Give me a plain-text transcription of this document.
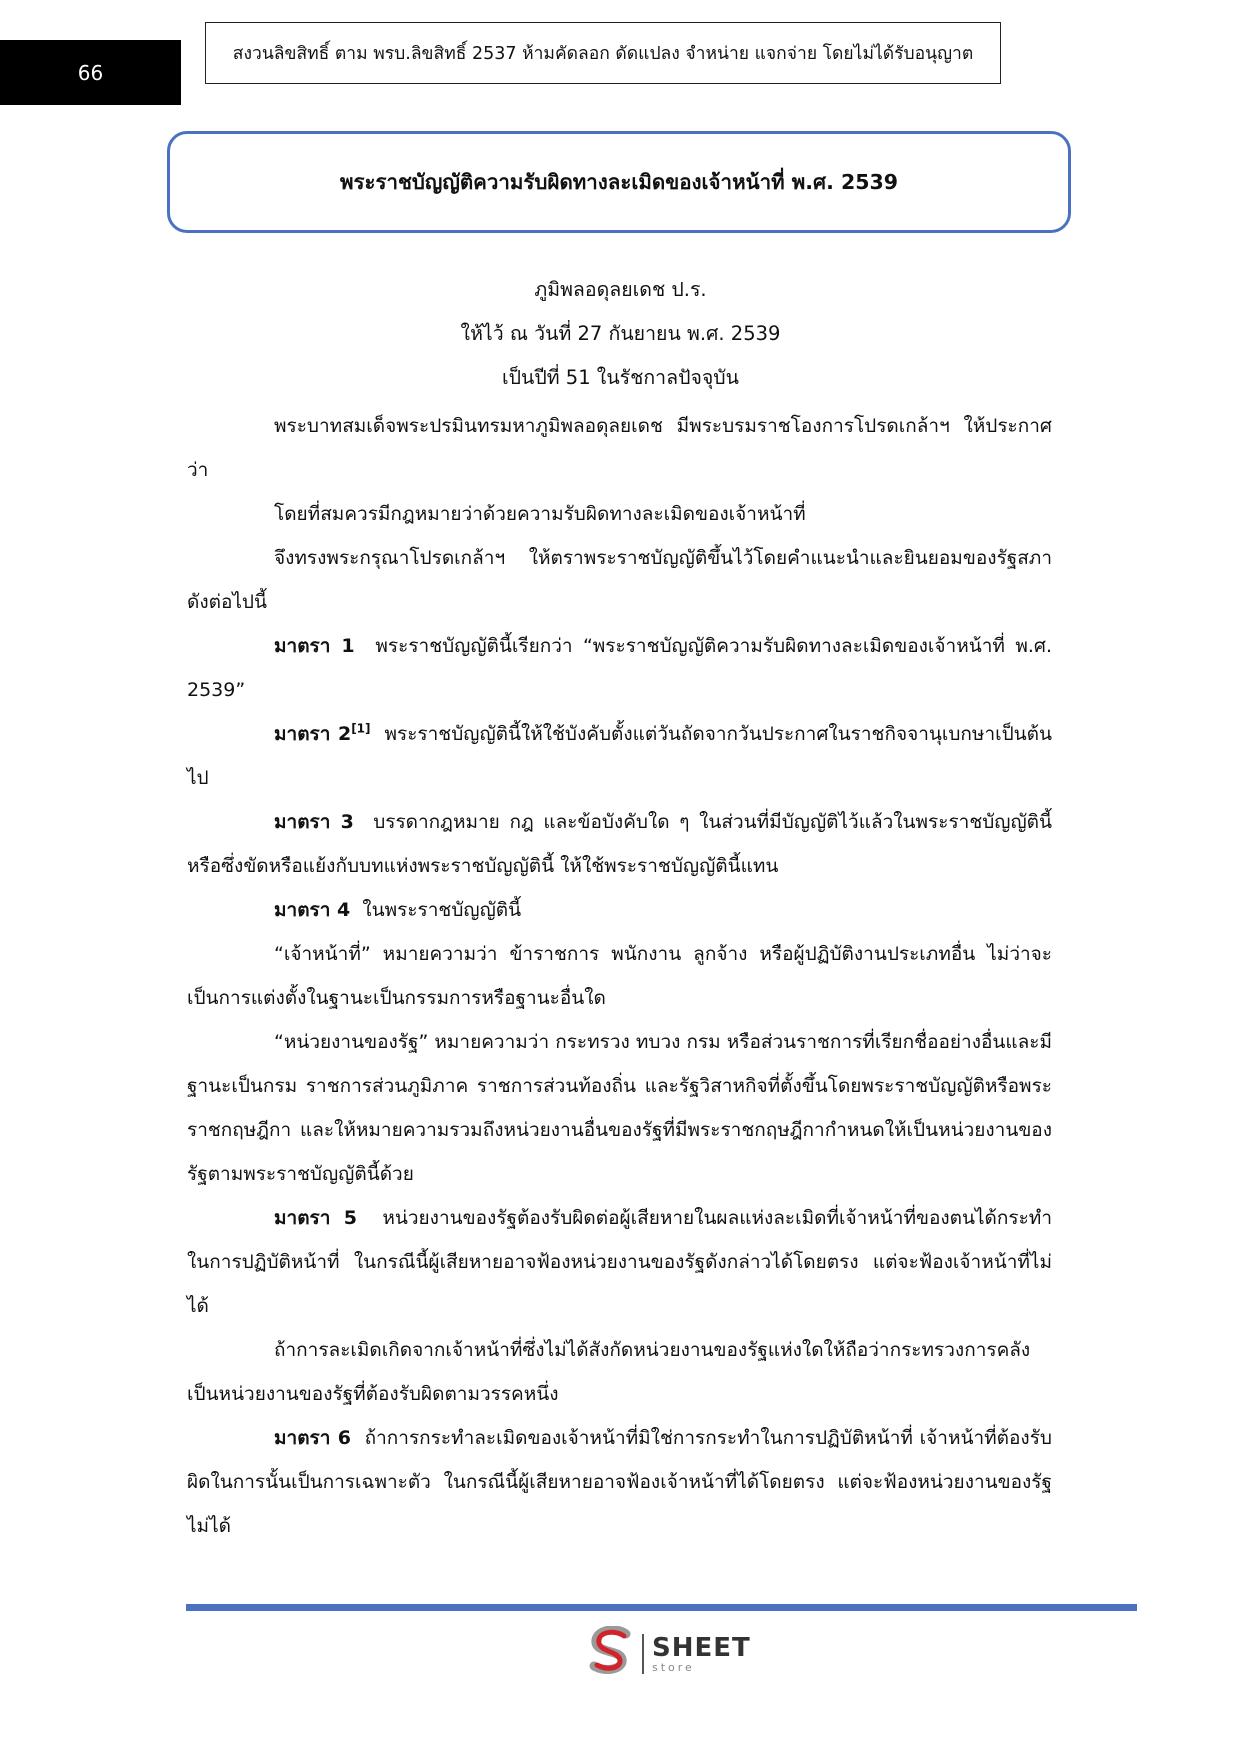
66
สงวนลิขสิทธิ์ ตาม พรบ.ลิขสิทธิ์ 2537 ห้ามคัดลอก ดัดแปลง จำหน่าย แจกจ่าย โดยไม่ได้รับอนุญาต
พระราชบัญญัติความรับผิดทางละเมิดของเจ้าหน้าที่ พ.ศ. 2539
ภูมิพลอดุลยเดช ป.ร.
ให้ไว้ ณ วันที่ 27 กันยายน พ.ศ. 2539
เป็นปีที่ 51 ในรัชกาลปัจจุบัน

พระบาทสมเด็จพระปรมินทรมหาภูมิพลอดุลยเดช มีพระบรมราชโองการโปรดเกล้าฯ ให้ประกาศว่า

โดยที่สมควรมีกฎหมายว่าด้วยความรับผิดทางละเมิดของเจ้าหน้าที่

จึงทรงพระกรุณาโปรดเกล้าฯ ให้ตราพระราชบัญญัติขึ้นไว้โดยคำแนะนำและยินยอมของรัฐสภา ดังต่อไปนี้

มาตรา 1 พระราชบัญญัตินี้เรียกว่า “พระราชบัญญัติความรับผิดทางละเมิดของเจ้าหน้าที่ พ.ศ. 2539”

มาตรา 2[1] พระราชบัญญัตินี้ให้ใช้บังคับตั้งแต่วันถัดจากวันประกาศในราชกิจจานุเบกษาเป็นต้นไป

มาตรา 3 บรรดากฎหมาย กฎ และข้อบังคับใด ๆ ในส่วนที่มีบัญญัติไว้แล้วในพระราชบัญญัตินี้หรือซึ่งขัดหรือแย้งกับบทแห่งพระราชบัญญัตินี้ ให้ใช้พระราชบัญญัตินี้แทน

มาตรา 4 ในพระราชบัญญัตินี้

“เจ้าหน้าที่” หมายความว่า ข้าราชการ พนักงาน ลูกจ้าง หรือผู้ปฏิบัติงานประเภทอื่น ไม่ว่าจะเป็นการแต่งตั้งในฐานะเป็นกรรมการหรือฐานะอื่นใด

“หน่วยงานของรัฐ” หมายความว่า กระทรวง ทบวง กรม หรือส่วนราชการที่เรียกชื่ออย่างอื่นและมีฐานะเป็นกรม ราชการส่วนภูมิภาค ราชการส่วนท้องถิ่น และรัฐวิสาหกิจที่ตั้งขึ้นโดยพระราชบัญญัติหรือพระราชกฤษฎีกา และให้หมายความรวมถึงหน่วยงานอื่นของรัฐที่มีพระราชกฤษฎีกากำหนดให้เป็นหน่วยงานของรัฐตามพระราชบัญญัตินี้ด้วย

มาตรา 5 หน่วยงานของรัฐต้องรับผิดต่อผู้เสียหายในผลแห่งละเมิดที่เจ้าหน้าที่ของตนได้กระทำในการปฏิบัติหน้าที่ ในกรณีนี้ผู้เสียหายอาจฟ้องหน่วยงานของรัฐดังกล่าวได้โดยตรง แต่จะฟ้องเจ้าหน้าที่ไม่ได้

ถ้าการละเมิดเกิดจากเจ้าหน้าที่ซึ่งไม่ได้สังกัดหน่วยงานของรัฐแห่งใดให้ถือว่ากระทรวงการคลังเป็นหน่วยงานของรัฐที่ต้องรับผิดตามวรรคหนึ่ง

มาตรา 6 ถ้าการกระทำละเมิดของเจ้าหน้าที่มิใช่การกระทำในการปฏิบัติหน้าที่ เจ้าหน้าที่ต้องรับผิดในการนั้นเป็นการเฉพาะตัว ในกรณีนี้ผู้เสียหายอาจฟ้องเจ้าหน้าที่ได้โดยตรง แต่จะฟ้องหน่วยงานของรัฐไม่ได้

SHEET
store
